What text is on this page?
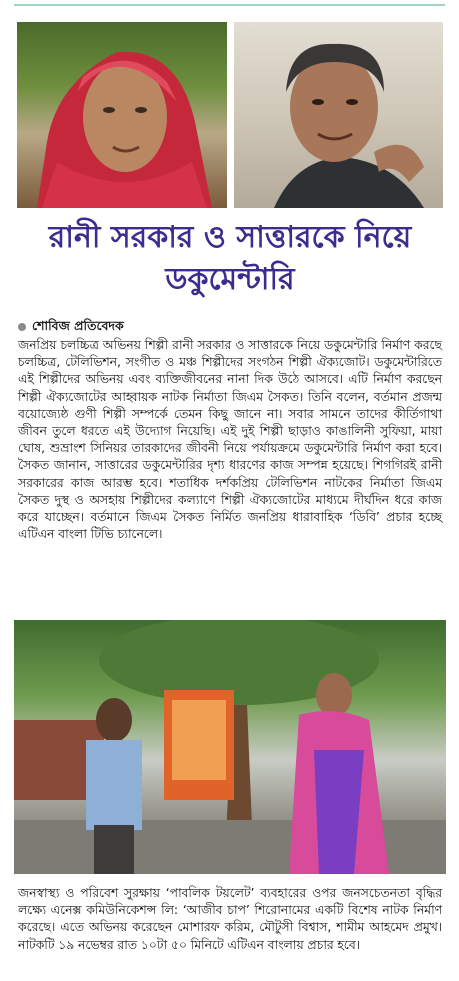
রানী সরকার ও সাত্তারকে নিয়ে
ডকুমেন্টারি
শোবিজ প্রতিবেদক

জনপ্রিয় চলচ্চিত্র অভিনয় শিল্পী রানী সরকার ও সাত্তারকে নিয়ে ডকুমেন্টারি নির্মাণ করছে চলচ্চিত্র, টেলিভিশন, সংগীত ও মঞ্চ শিল্পীদের সংগঠন শিল্পী ঐক্যজোট। ডকুমেন্টারিতে এই শিল্পীদের অভিনয় এবং ব্যক্তিজীবনের নানা দিক উঠে আসবে। এটি নির্মাণ করছেন শিল্পী ঐক্যজোটের আহ্বায়ক নাটক নির্মাতা জিএম সৈকত। তিনি বলেন, বর্তমান প্রজন্ম বয়োজ্যেষ্ঠ গুণী শিল্পী সম্পর্কে তেমন কিছু জানে না। সবার সামনে তাদের কীর্তিগাথা জীবন তুলে ধরতে এই উদ্যোগ নিয়েছি। এই দুই শিল্পী ছাড়াও কাঙালিনী সুফিয়া, মায়া ঘোষ, শুভ্রাংশ সিনিয়র তারকাদের জীবনী নিয়ে পর্যায়ক্রমে ডকুমেন্টারি নির্মাণ করা হবে। সৈকত জানান, সাত্তারের ডকুমেন্টারির দৃশ্য ধারণের কাজ সম্পন্ন হয়েছে। শিগগিরই রানী সরকারের কাজ আরম্ভ হবে। শতাধিক দর্শকপ্রিয় টেলিভিশন নাটকের নির্মাতা জিএম সৈকত দুস্থ ও অসহায় শিল্পীদের কল্যাণে শিল্পী ঐক্যজোটের মাধ্যমে দীর্ঘদিন ধরে কাজ করে যাচ্ছেন। বর্তমানে জিএম সৈকত নির্মিত জনপ্রিয় ধারাবাহিক ‘ডিবি’ প্রচার হচ্ছে এটিএন বাংলা টিভি চ্যানেলে।

জনস্বাস্থ্য ও পরিবেশ সুরক্ষায় ‘পাবলিক টয়লেট’ ব্যবহারের ওপর জনসচেতনতা বৃদ্ধির লক্ষ্যে এনেক্স কমিউনিকেশন্স লি: ‘আজীব চাপ’ শিরোনামের একটি বিশেষ নাটক নির্মাণ করেছে। এতে অভিনয় করেছেন মোশারফ করিম, মৌটুসী বিশ্বাস, শামীম আহমেদ প্রমুখ। নাটকটি ১৯ নভেম্বর রাত ১০টা ৫০ মিনিটে এটিএন বাংলায় প্রচার হবে।
